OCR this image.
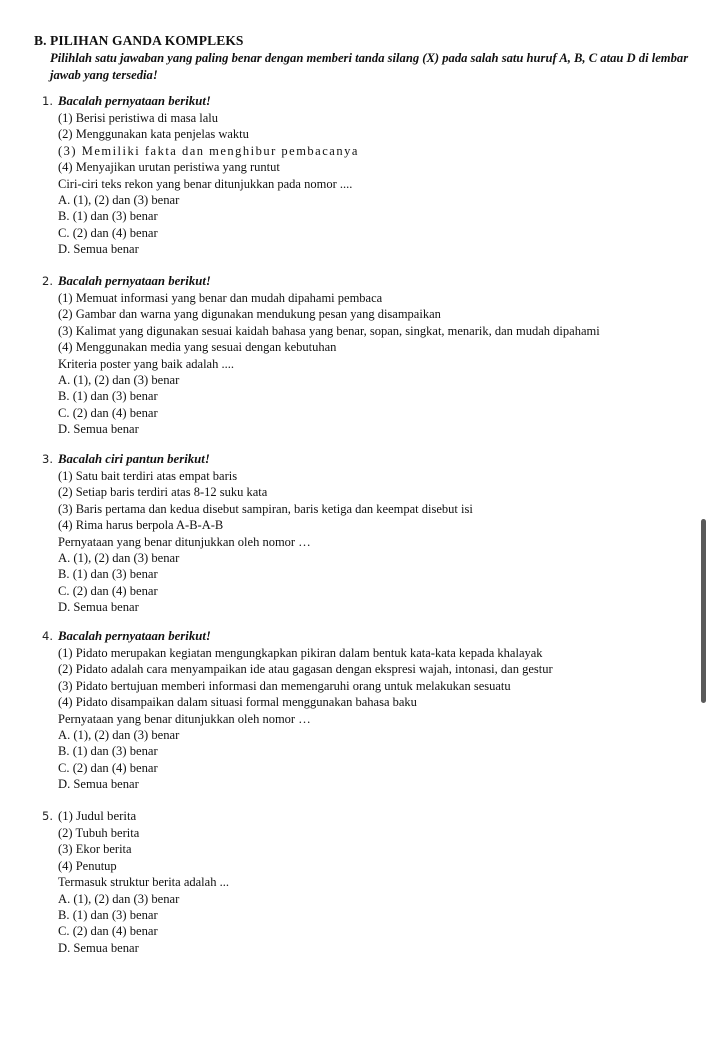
B. PILIHAN GANDA KOMPLEKS
Pilihlah satu jawaban yang paling benar dengan memberi tanda silang (X) pada salah satu huruf A, B, C atau D di lembar jawab yang tersedia!
1. Bacalah pernyataan berikut!
(1) Berisi peristiwa di masa lalu
(2) Menggunakan kata penjelas waktu
(3) Memiliki fakta dan menghibur pembacanya
(4) Menyajikan urutan peristiwa yang runtut
Ciri-ciri teks rekon yang benar ditunjukkan pada nomor ....
A. (1), (2) dan (3) benar
B. (1) dan (3) benar
C. (2) dan (4) benar
D. Semua benar
2. Bacalah pernyataan berikut!
(1) Memuat informasi yang benar dan mudah dipahami pembaca
(2) Gambar dan warna yang digunakan mendukung pesan yang disampaikan
(3) Kalimat yang digunakan sesuai kaidah bahasa yang benar, sopan, singkat, menarik, dan mudah dipahami
(4) Menggunakan media yang sesuai dengan kebutuhan
Kriteria poster yang baik adalah ....
A. (1), (2) dan (3) benar
B. (1) dan (3) benar
C. (2) dan (4) benar
D. Semua benar
3. Bacalah ciri pantun berikut!
(1) Satu bait terdiri atas empat baris
(2) Setiap baris terdiri atas 8-12 suku kata
(3) Baris pertama dan kedua disebut sampiran, baris ketiga dan keempat disebut isi
(4) Rima harus berpola A-B-A-B
Pernyataan yang benar ditunjukkan oleh nomor …
A. (1), (2) dan (3) benar
B. (1) dan (3) benar
C. (2) dan (4) benar
D. Semua benar
4. Bacalah pernyataan berikut!
(1) Pidato merupakan kegiatan mengungkapkan pikiran dalam bentuk kata-kata kepada khalayak
(2) Pidato adalah cara menyampaikan ide atau gagasan dengan ekspresi wajah, intonasi, dan gestur
(3) Pidato bertujuan memberi informasi dan memengaruhi orang untuk melakukan sesuatu
(4) Pidato disampaikan dalam situasi formal menggunakan bahasa baku
Pernyataan yang benar ditunjukkan oleh nomor …
A. (1), (2) dan (3) benar
B. (1) dan (3) benar
C. (2) dan (4) benar
D. Semua benar
5. (1) Judul berita
(2) Tubuh berita
(3) Ekor berita
(4) Penutup
Termasuk struktur berita adalah ...
A. (1), (2) dan (3) benar
B. (1) dan (3) benar
C. (2) dan (4) benar
D. Semua benar
